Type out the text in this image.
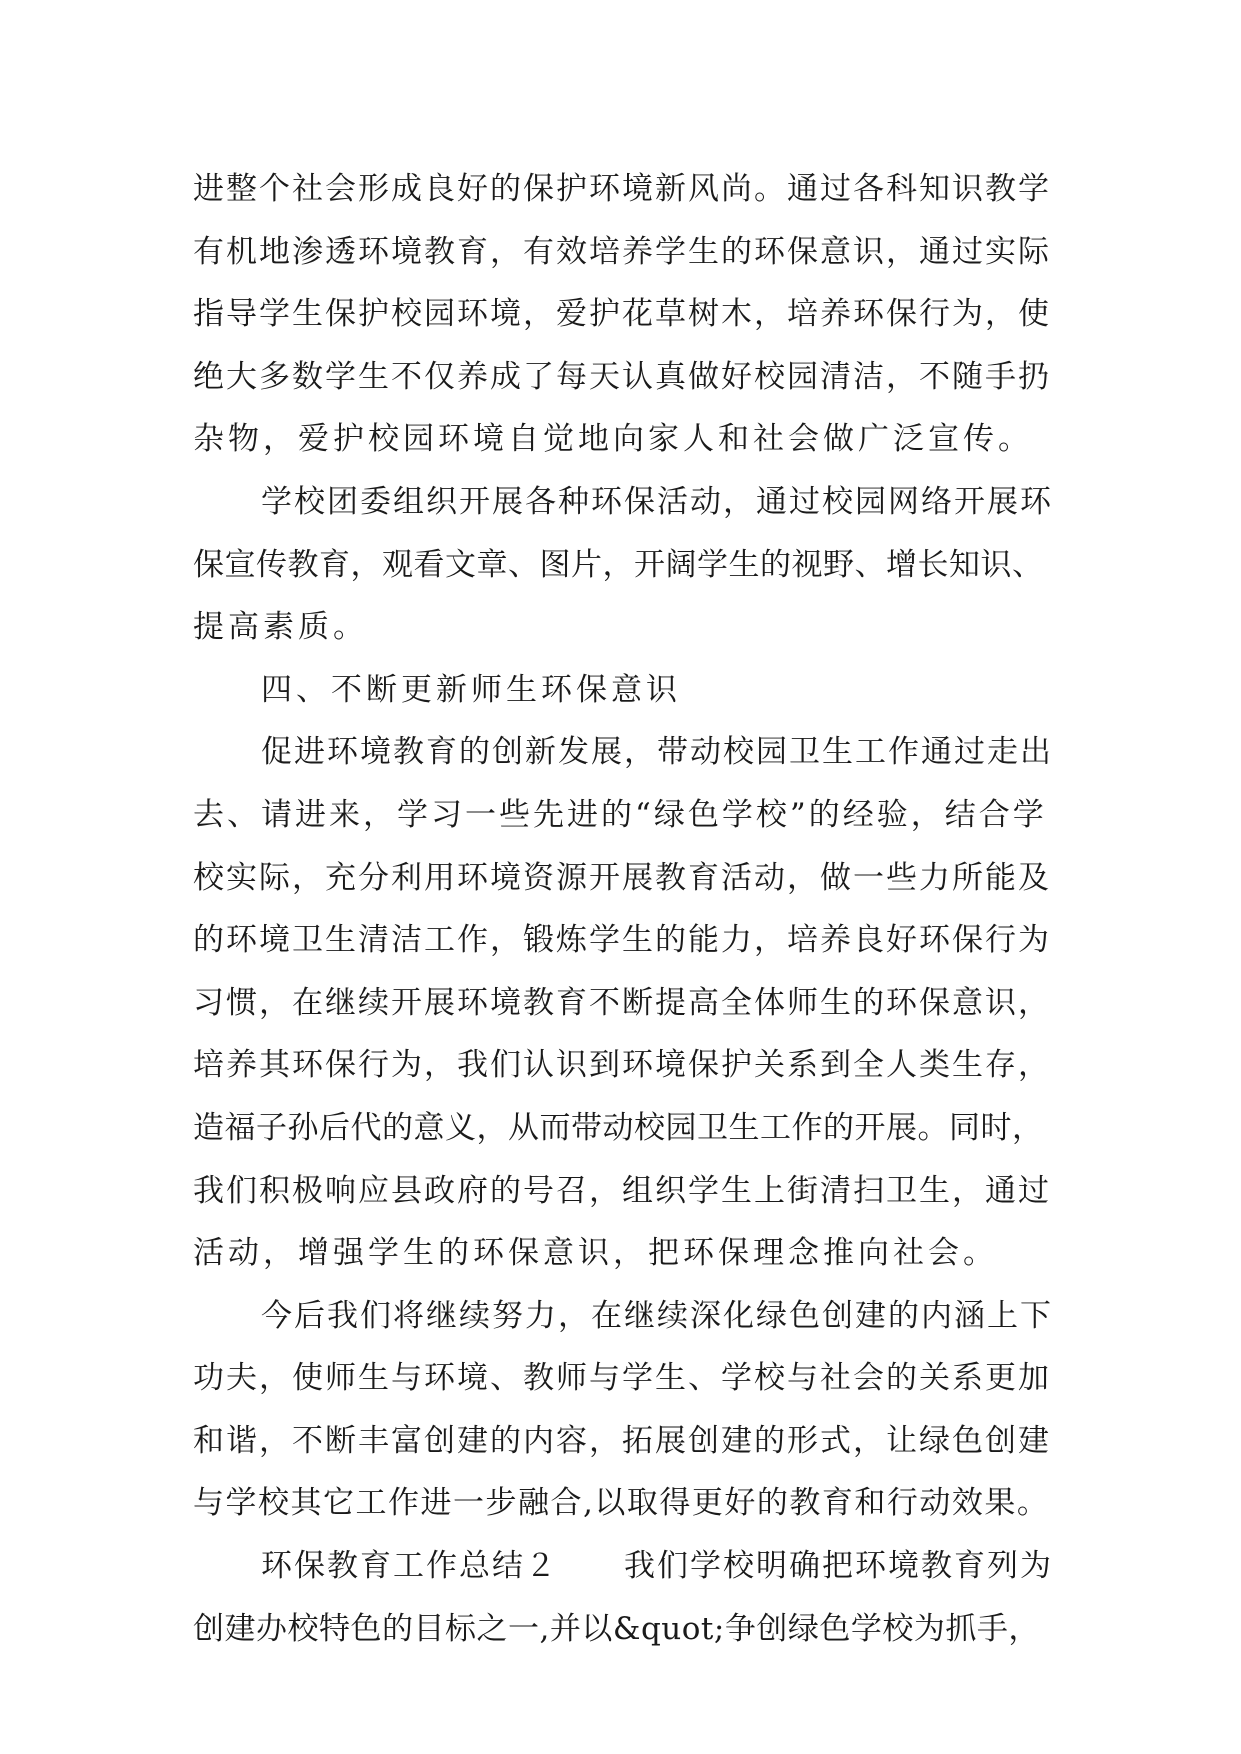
进整个社会形成良好的保护环境新风尚。通过各科知识教学
有机地渗透环境教育，有效培养学生的环保意识，通过实际
指导学生保护校园环境，爱护花草树木，培养环保行为，使
绝大多数学生不仅养成了每天认真做好校园清洁，不随手扔
杂物，爱护校园环境自觉地向家人和社会做广泛宣传。
学校团委组织开展各种环保活动，通过校园网络开展环
保宣传教育，观看文章、图片，开阔学生的视野、增长知识、
提高素质。
四、不断更新师生环保意识
促进环境教育的创新发展，带动校园卫生工作通过走出
去、请进来，学习一些先进的“绿色学校”的经验，结合学
校实际，充分利用环境资源开展教育活动，做一些力所能及
的环境卫生清洁工作，锻炼学生的能力，培养良好环保行为
习惯，在继续开展环境教育不断提高全体师生的环保意识，
培养其环保行为，我们认识到环境保护关系到全人类生存，
造福子孙后代的意义，从而带动校园卫生工作的开展。同时，
我们积极响应县政府的号召，组织学生上街清扫卫生，通过
活动，增强学生的环保意识，把环保理念推向社会。
今后我们将继续努力，在继续深化绿色创建的内涵上下
功夫，使师生与环境、教师与学生、学校与社会的关系更加
和谐，不断丰富创建的内容，拓展创建的形式，让绿色创建
与学校其它工作进一步融合,以取得更好的教育和行动效果。
环保教育工作总结２　　我们学校明确把环境教育列为
创建办校特色的目标之一,并以&quot;争创绿色学校为抓手，
